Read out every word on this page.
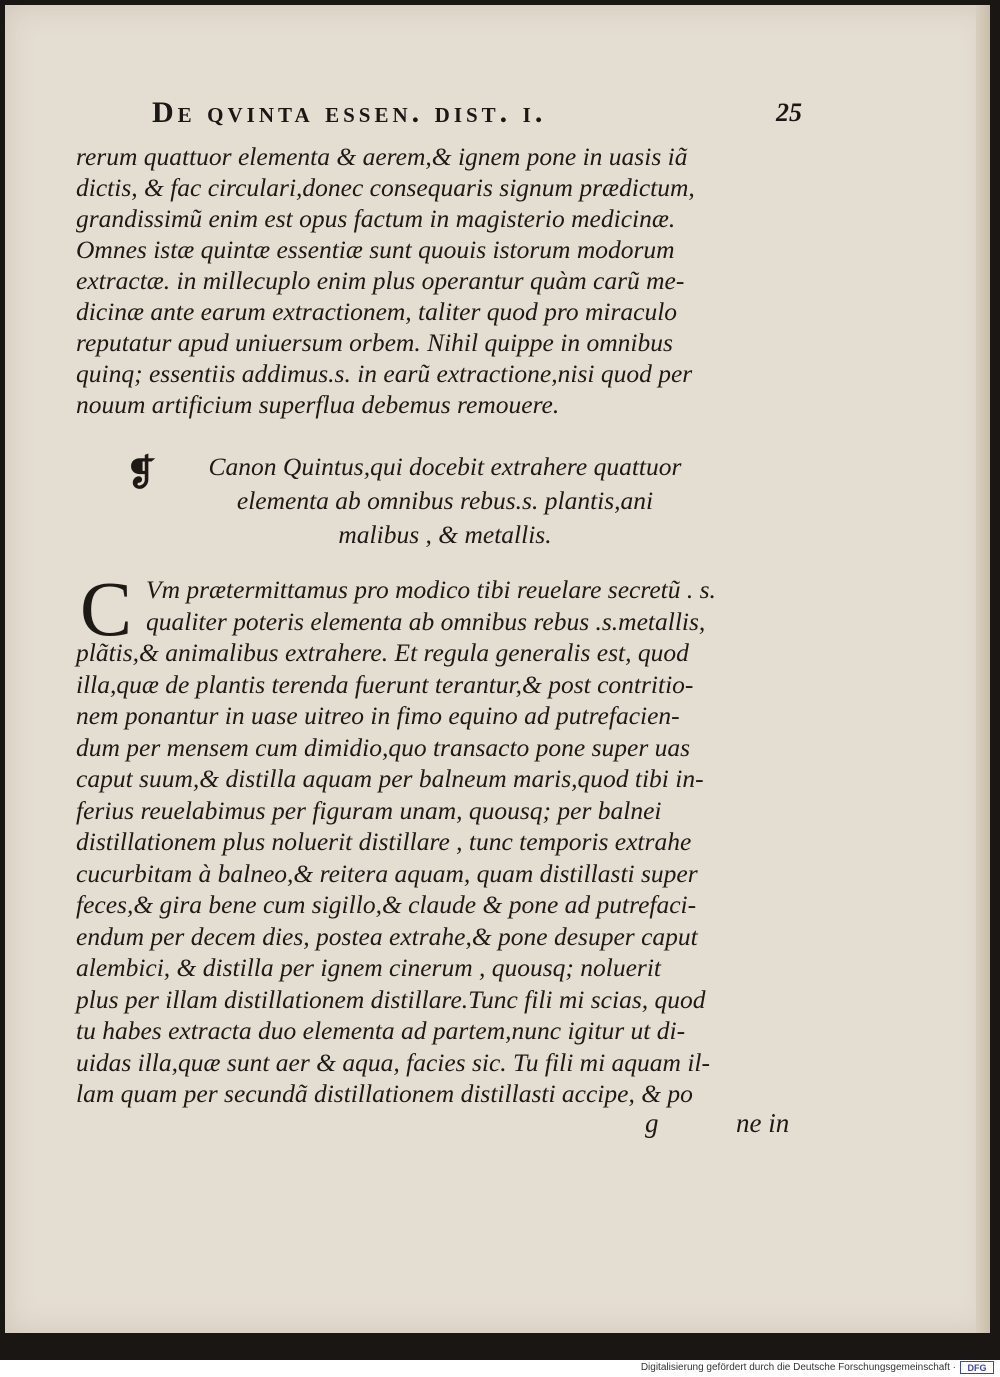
De qvinta essen. dist. i.	25
rerum quattuor elementa & aerem,& ignem pone in uasis iã
dictis, & fac circulari,donec consequaris signum prædictum,
grandissimũ enim est opus factum in magisterio medicinæ.
Omnes istæ quintæ essentiæ sunt quouis istorum modorum
extractæ. in millecuplo enim plus operantur quàm carũ me-
dicinæ ante earum extractionem, taliter quod pro miraculo
reputatur apud uniuersum orbem. Nihil quippe in omnibus
quinq; essentiis addimus.s. in earũ extractione,nisi quod per
nouum artificium superflua debemus remouere.
❡	Canon Quintus,qui docebit extrahere quattuor
elementa ab omnibus rebus.s. plantis,ani
malibus , & metallis.
C Vm prætermittamus pro modico tibi reuelare secretũ . s.
qualiter poteris elementa ab omnibus rebus .s.metallis,
plãtis,& animalibus extrahere. Et regula generalis est, quod
illa,quæ de plantis terenda fuerunt terantur,& post contritio-
nem ponantur in uase uitreo in fimo equino ad putrefacien-
dum per mensem cum dimidio,quo transacto pone super uas
caput suum,& distilla aquam per balneum maris,quod tibi in-
ferius reuelabimus per figuram unam, quousq; per balnei
distillationem plus noluerit distillare , tunc temporis extrahe
cucurbitam à balneo,& reitera aquam, quam distillasti super
feces,& gira bene cum sigillo,& claude & pone ad putrefaci-
endum per decem dies, postea extrahe,& pone desuper caput
alembici, & distilla per ignem cinerum , quousq; noluerit
plus per illam distillationem distillare.Tunc fili mi scias, quod
tu habes extracta duo elementa ad partem,nunc igitur ut di-
uidas illa,quæ sunt aer & aqua, facies sic. Tu fili mi aquam il-
lam quam per secundã distillationem distillasti accipe, & po
g	ne in
Digitalisierung gefördert durch die Deutsche Forschungsgemeinschaft ·	DFG
